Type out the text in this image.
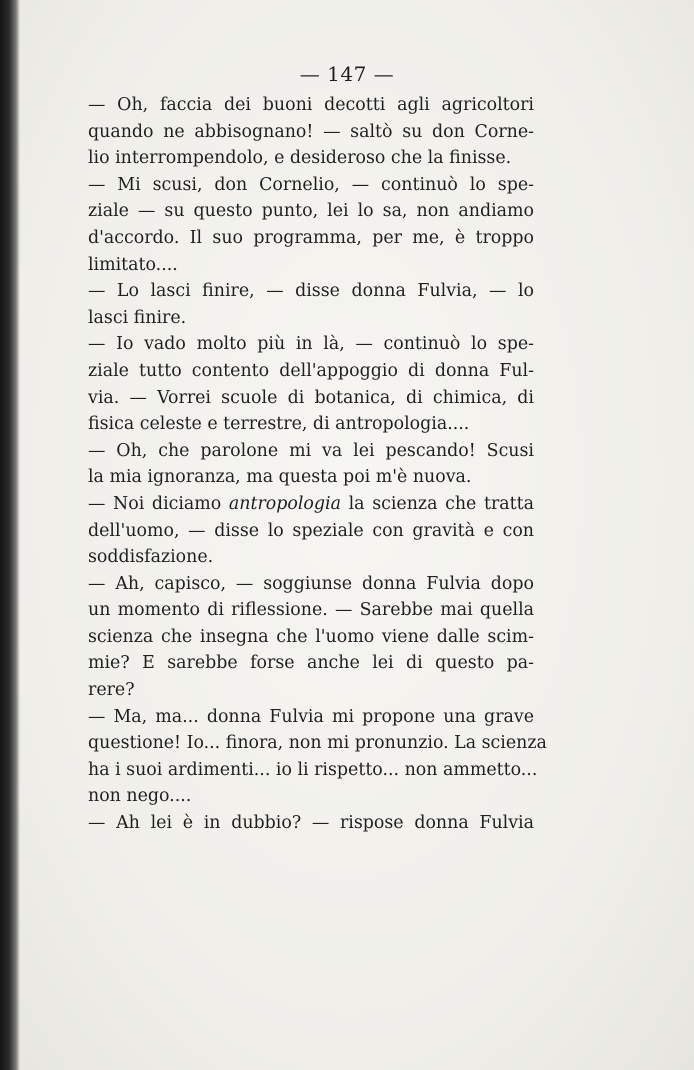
— 147 —
— Oh, faccia dei buoni decotti agli agricoltori
quando ne abbisognano! — saltò su don Corne-
lio interrompendolo, e desideroso che la finisse.
— Mi scusi, don Cornelio, — continuò lo spe-
ziale — su questo punto, lei lo sa, non andiamo
d'accordo. Il suo programma, per me, è troppo
limitato....
— Lo lasci finire, — disse donna Fulvia, — lo
lasci finire.
— Io vado molto più in là, — continuò lo spe-
ziale tutto contento dell'appoggio di donna Ful-
via. — Vorrei scuole di botanica, di chimica, di
fisica celeste e terrestre, di antropologia....
— Oh, che parolone mi va lei pescando! Scusi
la mia ignoranza, ma questa poi m'è nuova.
— Noi diciamo antropologia la scienza che tratta
dell'uomo, — disse lo speziale con gravità e con
soddisfazione.
— Ah, capisco, — soggiunse donna Fulvia dopo
un momento di riflessione. — Sarebbe mai quella
scienza che insegna che l'uomo viene dalle scim-
mie? E sarebbe forse anche lei di questo pa-
rere?
— Ma, ma... donna Fulvia mi propone una grave
questione! Io... finora, non mi pronunzio. La scienza
ha i suoi ardimenti... io li rispetto... non ammetto...
non nego....
— Ah lei è in dubbio? — rispose donna Fulvia
